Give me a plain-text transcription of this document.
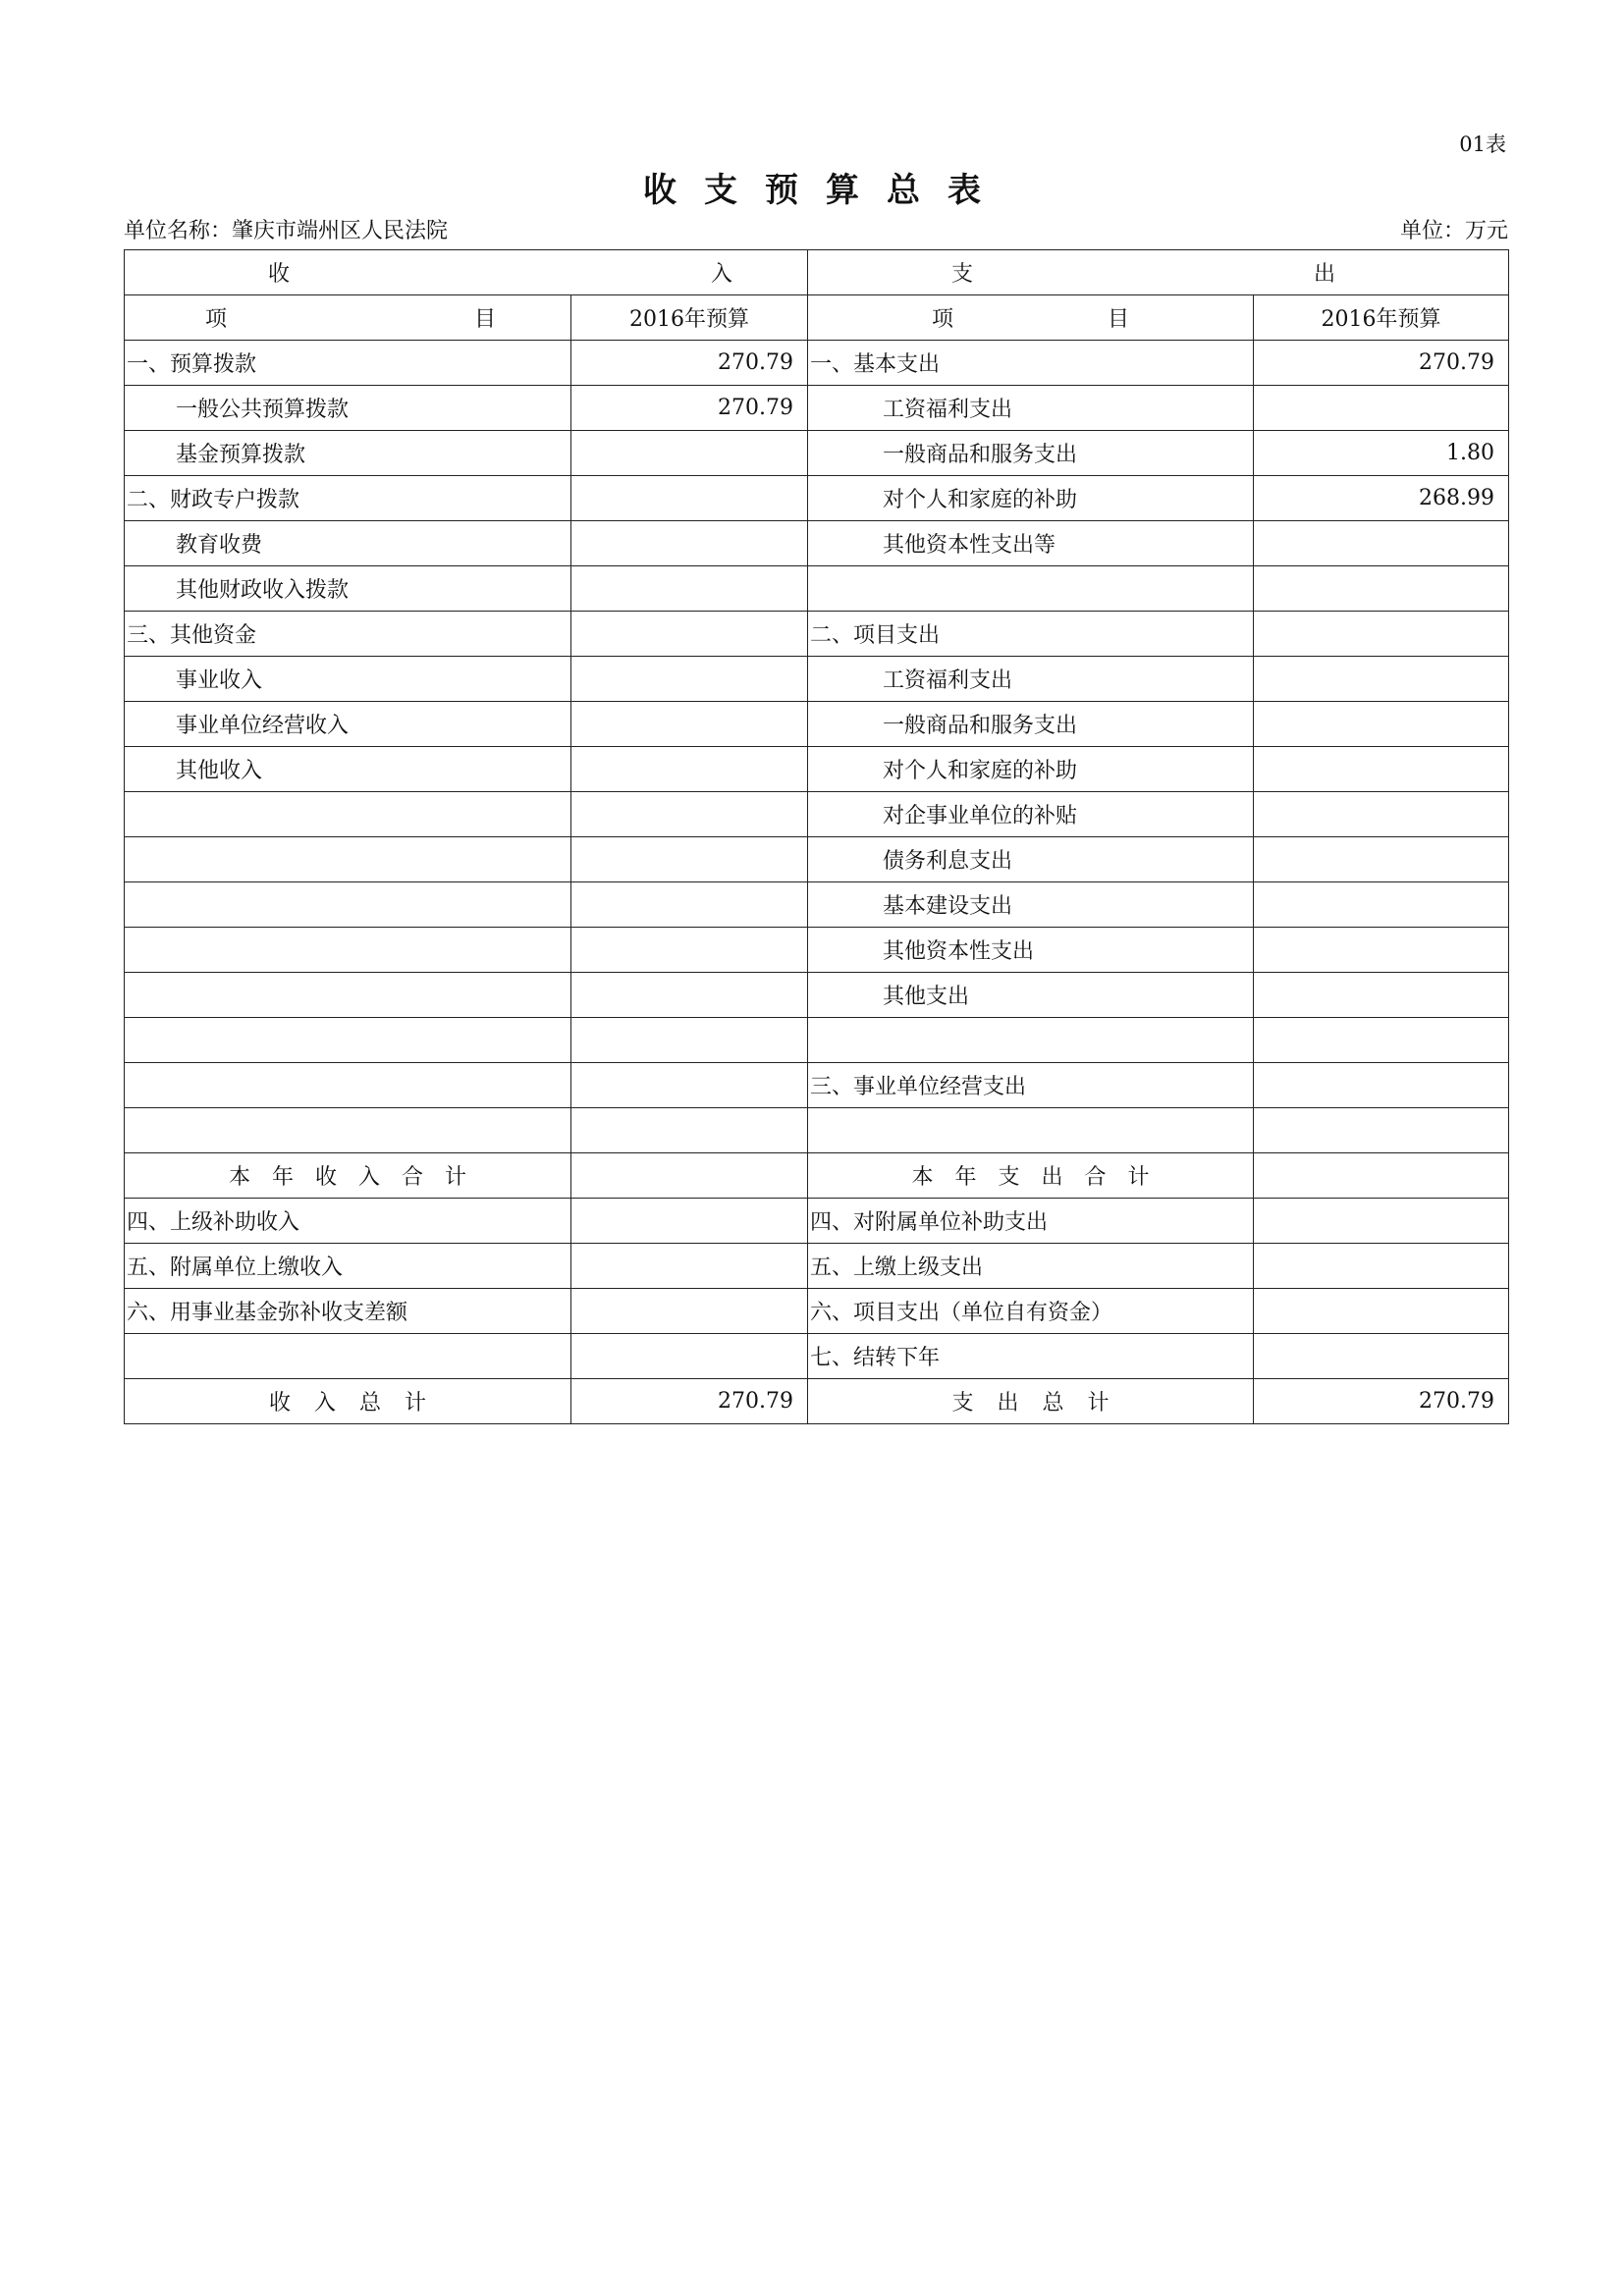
01表
收支预算总表
单位名称：肇庆市端州区人民法院	单位：万元
收 入		支 出	

项 目	2016年预算	项 目	2016年预算
一、预算拨款	270.79	一、基本支出	270.79
一般公共预算拨款	270.79	工资福利支出	
基金预算拨款		一般商品和服务支出	1.80
二、财政专户拨款		对个人和家庭的补助	268.99
教育收费		其他资本性支出等	
其他财政收入拨款			
三、其他资金		二、项目支出	
事业收入		工资福利支出	
事业单位经营收入		一般商品和服务支出	
其他收入		对个人和家庭的补助	
		对企事业单位的补贴	
		债务利息支出	
		基本建设支出	
		其他资本性支出	
		其他支出	

		三、事业单位经营支出	

本年收入合计		本年支出合计	
四、上级补助收入		四、对附属单位补助支出	
五、附属单位上缴收入		五、上缴上级支出	
六、用事业基金弥补收支差额		六、项目支出（单位自有资金）	
		七、结转下年	
收入总计	270.79	支出总计	270.79
